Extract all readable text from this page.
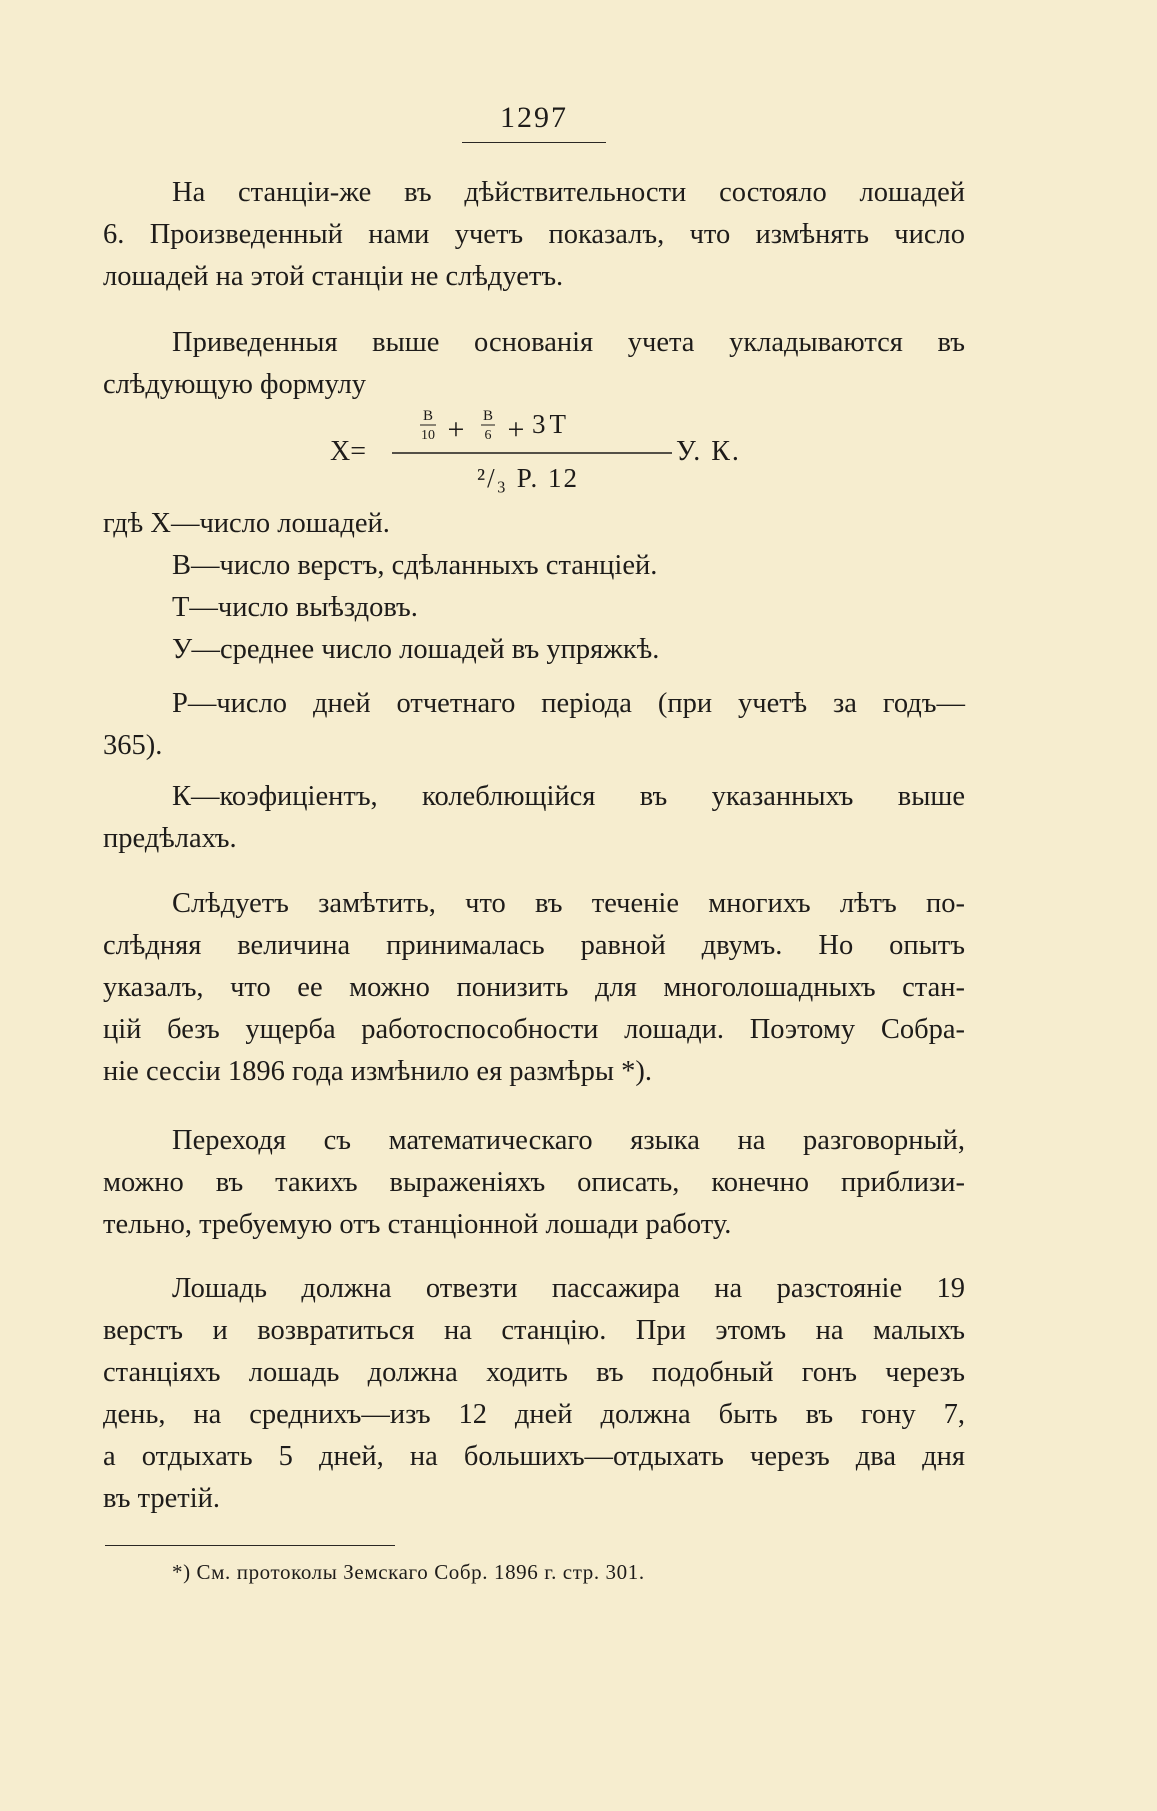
1297

На станціи-же въ дѣйствительности состояло лошадей
6. Произведенный нами учетъ показалъ, что измѣнять число
лошадей на этой станціи не слѣдуетъ.

Приведенныя выше основанія учета укладываются въ
слѣдующую формулу

Х=
В
10 + В
6 + 3Т
²/₃ Р. 12
У. К.

гдѣ Х—число лошадей.
В—число верстъ, сдѣланныхъ станціей.
Т—число выѣздовъ.
У—среднее число лошадей въ упряжкѣ.

Р—число дней отчетнаго періода (при учетѣ за годъ—
365).

К—коэфиціентъ, колеблющійся въ указанныхъ выше
предѣлахъ.

Слѣдуетъ замѣтить, что въ теченіе многихъ лѣтъ по-
слѣдняя величина принималась равной двумъ. Но опытъ
указалъ, что ее можно понизить для многолошадныхъ стан-
цій безъ ущерба работоспособности лошади. Поэтому Собра-
ніе сессіи 1896 года измѣнило ея размѣры *).

Переходя съ математическаго языка на разговорный,
можно въ такихъ выраженіяхъ описать, конечно приблизи-
тельно, требуемую отъ станціонной лошади работу.

Лошадь должна отвезти пассажира на разстояніе 19
верстъ и возвратиться на станцію. При этомъ на малыхъ
станціяхъ лошадь должна ходить въ подобный гонъ черезъ
день, на среднихъ—изъ 12 дней должна быть въ гону 7,
а отдыхать 5 дней, на большихъ—отдыхать черезъ два дня
въ третій.

*) См. протоколы Земскаго Собр. 1896 г. стр. 301.
